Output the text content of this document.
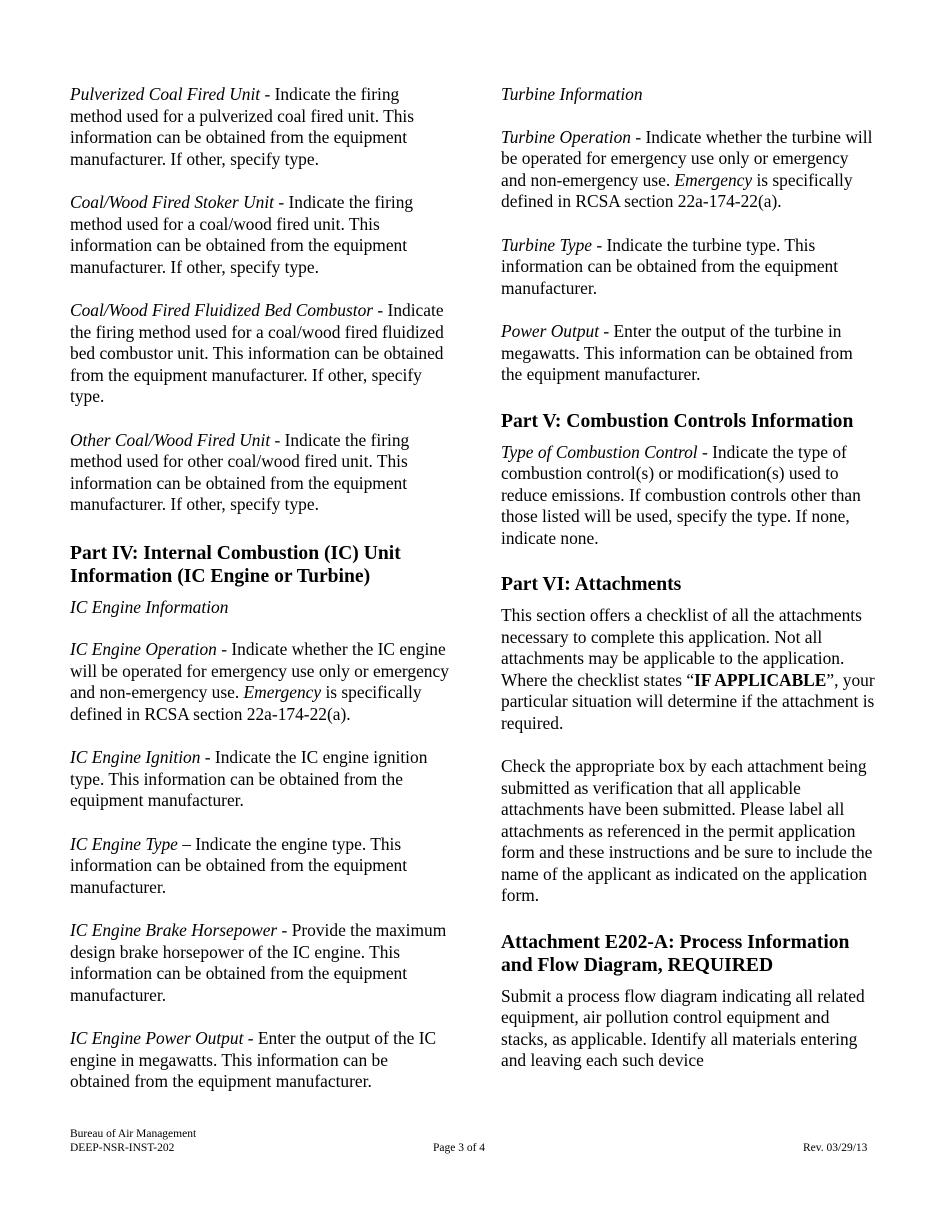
Pulverized Coal Fired Unit - Indicate the firing method used for a pulverized coal fired unit. This information can be obtained from the equipment manufacturer. If other, specify type.

Coal/Wood Fired Stoker Unit - Indicate the firing method used for a coal/wood fired unit. This information can be obtained from the equipment manufacturer. If other, specify type.

Coal/Wood Fired Fluidized Bed Combustor - Indicate the firing method used for a coal/wood fired fluidized bed combustor unit. This information can be obtained from the equipment manufacturer. If other, specify type.

Other Coal/Wood Fired Unit - Indicate the firing method used for other coal/wood fired unit. This information can be obtained from the equipment manufacturer. If other, specify type.

Part IV: Internal Combustion (IC) Unit Information (IC Engine or Turbine)

IC Engine Information

IC Engine Operation - Indicate whether the IC engine will be operated for emergency use only or emergency and non-emergency use. Emergency is specifically defined in RCSA section 22a-174-22(a).

IC Engine Ignition - Indicate the IC engine ignition type. This information can be obtained from the equipment manufacturer.

IC Engine Type – Indicate the engine type. This information can be obtained from the equipment manufacturer.

IC Engine Brake Horsepower - Provide the maximum design brake horsepower of the IC engine. This information can be obtained from the equipment manufacturer.

IC Engine Power Output - Enter the output of the IC engine in megawatts. This information can be obtained from the equipment manufacturer.

Turbine Information

Turbine Operation - Indicate whether the turbine will be operated for emergency use only or emergency and non-emergency use. Emergency is specifically defined in RCSA section 22a-174-22(a).

Turbine Type - Indicate the turbine type. This information can be obtained from the equipment manufacturer.

Power Output - Enter the output of the turbine in megawatts. This information can be obtained from the equipment manufacturer.

Part V: Combustion Controls Information

Type of Combustion Control - Indicate the type of combustion control(s) or modification(s) used to reduce emissions. If combustion controls other than those listed will be used, specify the type. If none, indicate none.

Part VI: Attachments

This section offers a checklist of all the attachments necessary to complete this application. Not all attachments may be applicable to the application. Where the checklist states “IF APPLICABLE”, your particular situation will determine if the attachment is required.

Check the appropriate box by each attachment being submitted as verification that all applicable attachments have been submitted. Please label all attachments as referenced in the permit application form and these instructions and be sure to include the name of the applicant as indicated on the application form.

Attachment E202-A: Process Information and Flow Diagram, REQUIRED

Submit a process flow diagram indicating all related equipment, air pollution control equipment and stacks, as applicable. Identify all materials entering and leaving each such device

Bureau of Air Management
DEEP-NSR-INST-202	Page 3 of 4	Rev. 03/29/13
